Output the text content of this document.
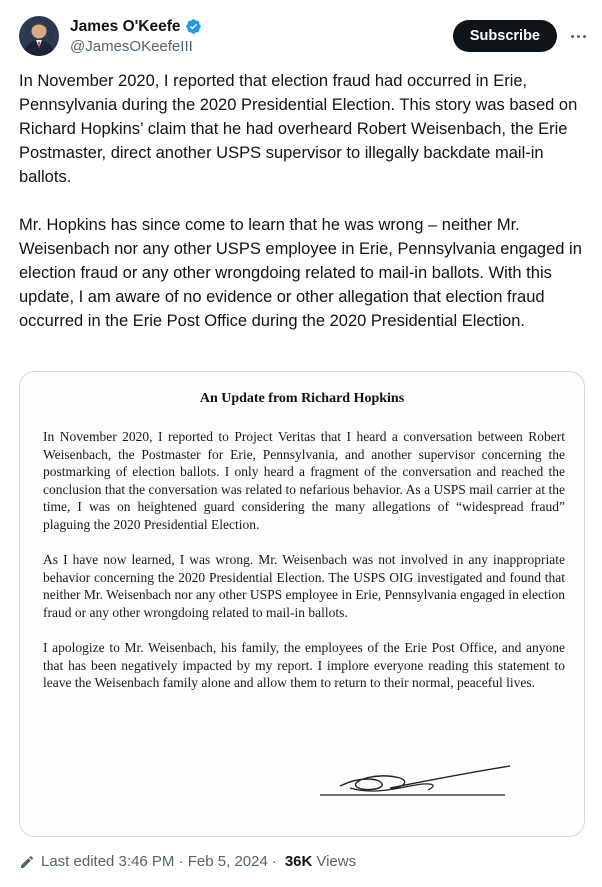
James O'Keefe
@JamesOKeefeIII
Subscribe

In November 2020, I reported that election fraud had occurred in Erie, Pennsylvania during the 2020 Presidential Election. This story was based on Richard Hopkins’ claim that he had overheard Robert Weisenbach, the Erie Postmaster, direct another USPS supervisor to illegally backdate mail-in ballots.

Mr. Hopkins has since come to learn that he was wrong – neither Mr. Weisenbach nor any other USPS employee in Erie, Pennsylvania engaged in election fraud or any other wrongdoing related to mail-in ballots. With this update, I am aware of no evidence or other allegation that election fraud occurred in the Erie Post Office during the 2020 Presidential Election.

An Update from Richard Hopkins

In November 2020, I reported to Project Veritas that I heard a conversation between Robert Weisenbach, the Postmaster for Erie, Pennsylvania, and another supervisor concerning the postmarking of election ballots. I only heard a fragment of the conversation and reached the conclusion that the conversation was related to nefarious behavior. As a USPS mail carrier at the time, I was on heightened guard considering the many allegations of “widespread fraud” plaguing the 2020 Presidential Election.

As I have now learned, I was wrong. Mr. Weisenbach was not involved in any inappropriate behavior concerning the 2020 Presidential Election. The USPS OIG investigated and found that neither Mr. Weisenbach nor any other USPS employee in Erie, Pennsylvania engaged in election fraud or any other wrongdoing related to mail-in ballots.

I apologize to Mr. Weisenbach, his family, the employees of the Erie Post Office, and anyone that has been negatively impacted by my report. I implore everyone reading this statement to leave the Weisenbach family alone and allow them to return to their normal, peaceful lives.

Last edited 3:46 PM · Feb 5, 2024 · 36K Views
